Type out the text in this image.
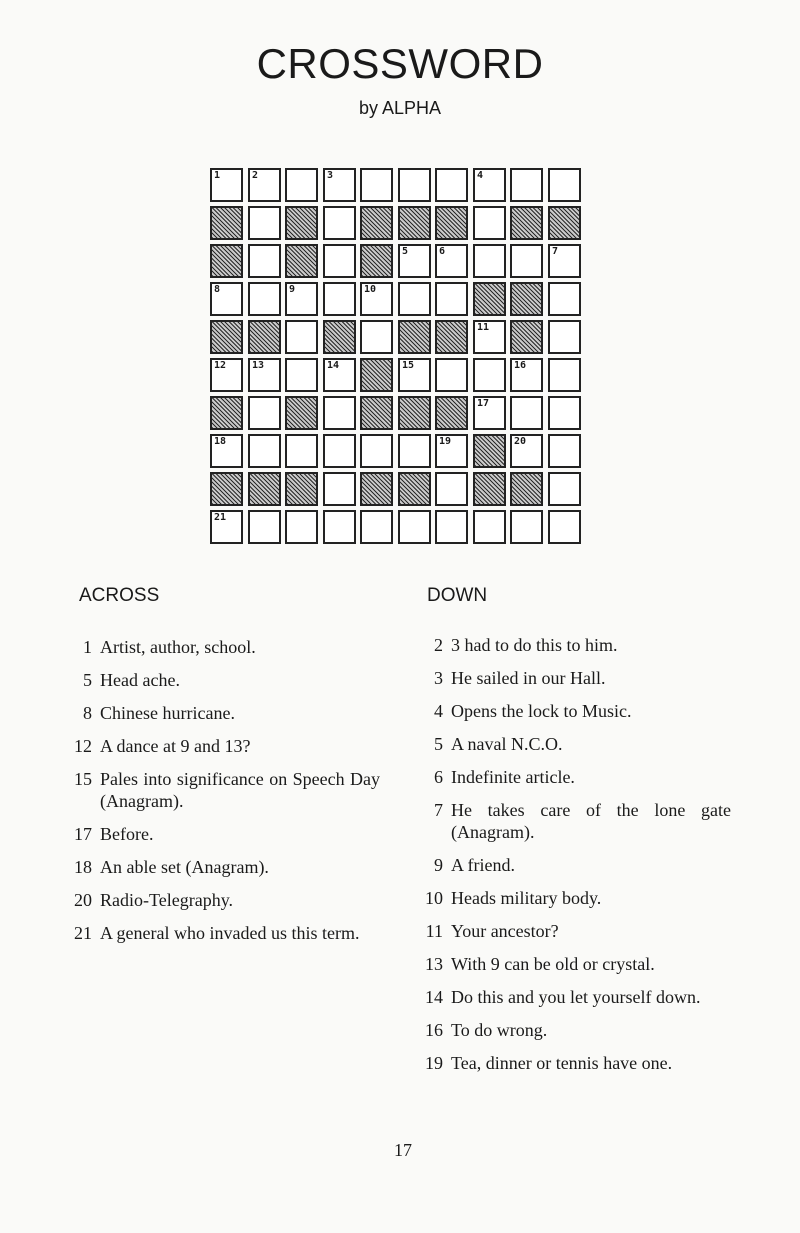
CROSSWORD
by ALPHA
1	2	3	4
5	6	7
8	9	10
11
12	13	14	15	16
17
18	19	20
21
ACROSS	DOWN
1 Artist, author, school.
5 Head ache.
8 Chinese hurricane.
12 A dance at 9 and 13?
15 Pales into significance on Speech Day (Anagram).
17 Before.
18 An able set (Anagram).
20 Radio-Telegraphy.
21 A general who invaded us this term.
2 3 had to do this to him.
3 He sailed in our Hall.
4 Opens the lock to Music.
5 A naval N.C.O.
6 Indefinite article.
7 He takes care of the lone gate (Anagram).
9 A friend.
10 Heads military body.
11 Your ancestor?
13 With 9 can be old or crystal.
14 Do this and you let yourself down.
16 To do wrong.
19 Tea, dinner or tennis have one.
17
